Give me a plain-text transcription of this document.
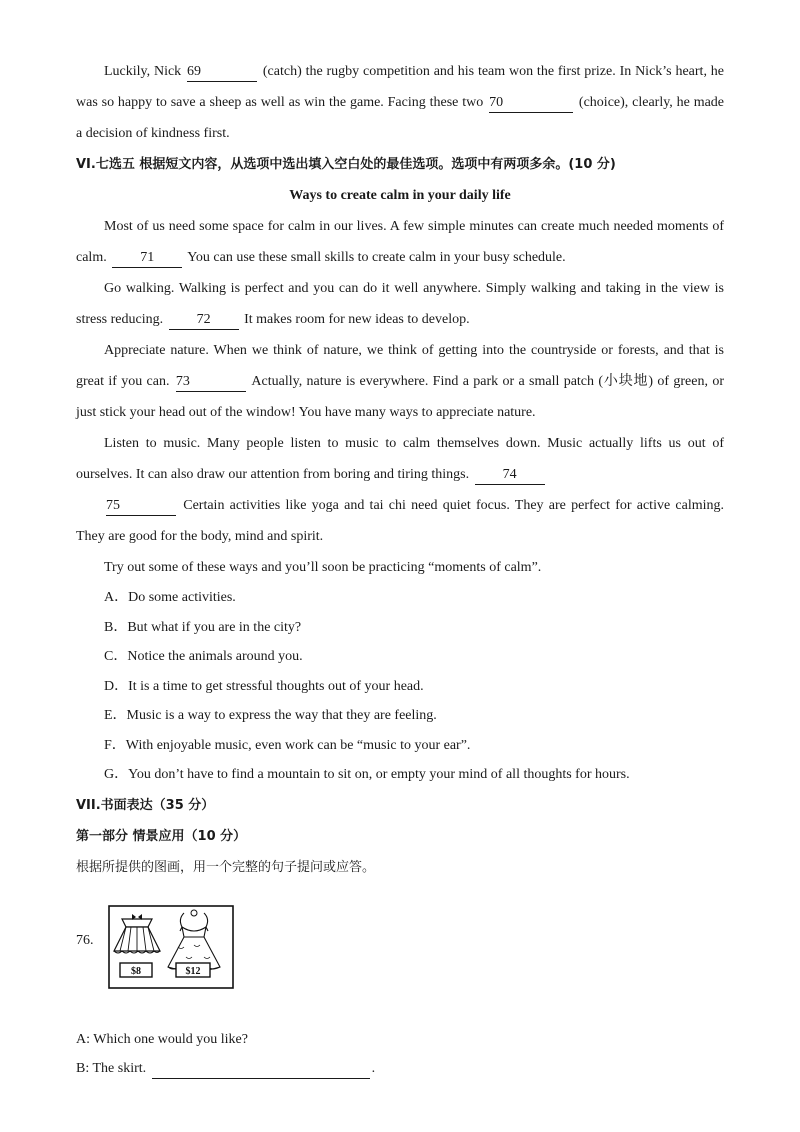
Luckily, Nick 69	(catch) the rugby competition and his team won the first prize. In Nick’s heart, he
was so happy to save a sheep as well as win the game. Facing these two 70	(choice), clearly, he made
a decision of kindness first.
VI.七选五 根据短文内容，从选项中选出填入空白处的最佳选项。选项中有两项多余。(10 分)
Ways to create calm in your daily life
Most of us need some space for calm in our lives. A few simple minutes can create much needed moments of
calm. 71 You can use these small skills to create calm in your busy schedule.
Go walking. Walking is perfect and you can do it well anywhere. Simply walking and taking in the view is
stress reducing. 72 It makes room for new ideas to develop.
Appreciate nature. When we think of nature, we think of getting into the countryside or forests, and that is
great if you can. 73	Actually, nature is everywhere. Find a park or a small patch (小块地) of green, or
just stick your head out of the window! You have many ways to appreciate nature.
Listen to music. Many people listen to music to calm themselves down. Music actually lifts us out of
ourselves. It can also draw our attention from boring and tiring things. 74
75	Certain activities like yoga and tai chi need quiet focus. They are perfect for active calming.
They are good for the body, mind and spirit.
Try out some of these ways and you’ll soon be practicing “moments of calm”.
A．Do some activities.
B．But what if you are in the city?
C．Notice the animals around you.
D．It is a time to get stressful thoughts out of your head.
E．Music is a way to express the way that they are feeling.
F．With enjoyable music, even work can be “music to your ear”.
G．You don’t have to find a mountain to sit on, or empty your mind of all thoughts for hours.
VII.书面表达（35 分）
第一部分 情景应用（10 分）
根据所提供的图画，用一个完整的句子提问或应答。
76.
$8	$12
A: Which one would you like?
B: The skirt.	.
